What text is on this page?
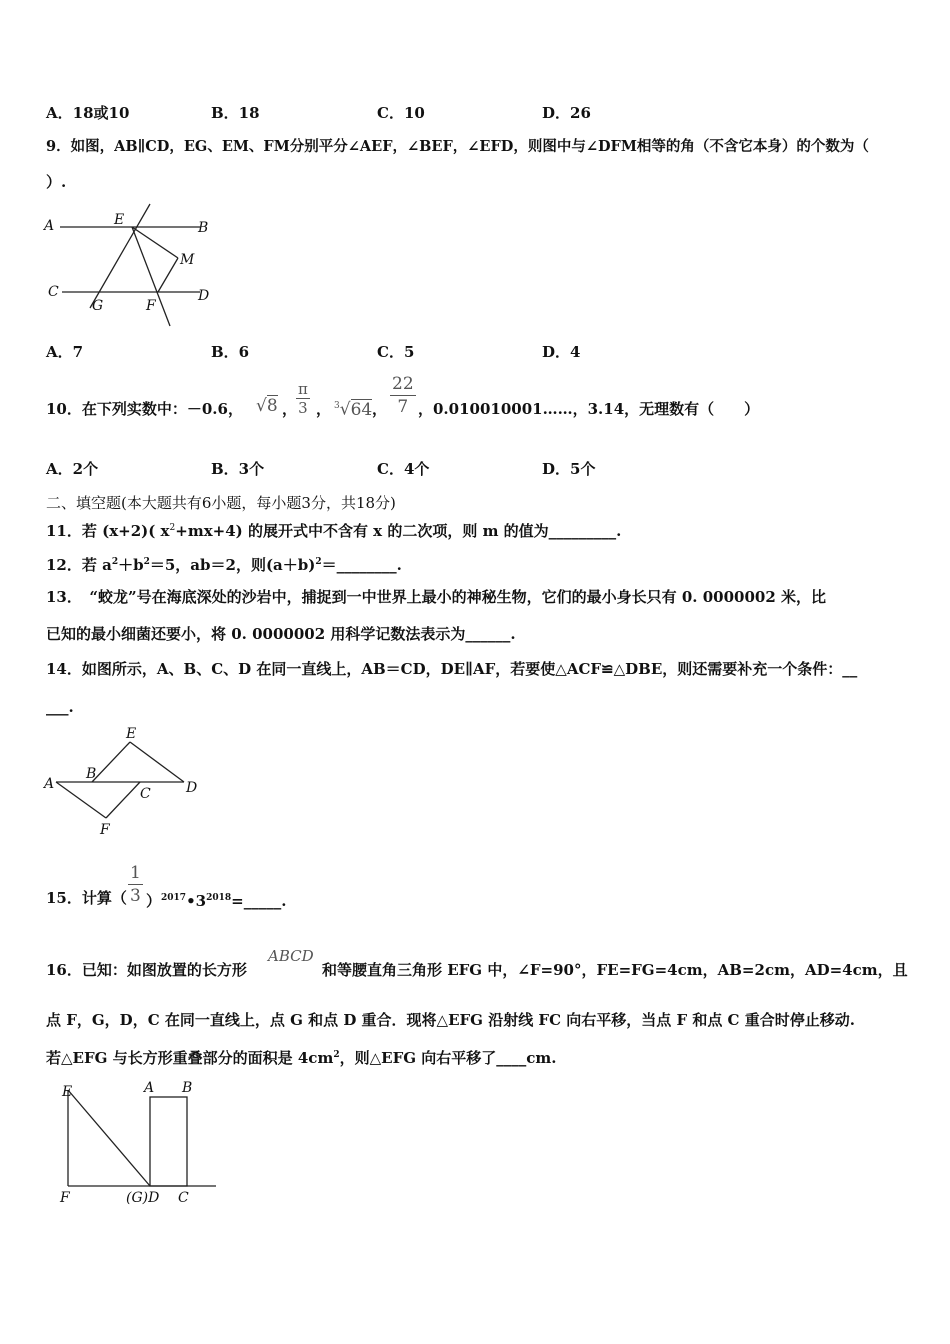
A．18或10	B．18	C．10	D．26
9．如图，AB∥CD，EG、EM、FM分别平分∠AEF，∠BEF，∠EFD，则图中与∠DFM相等的角（不含它本身）的个数为（
）.
A	E	B
M
C
G	F
D
A．7	B．6	C．5	D．4
10．在下列实数中：－0.6， √8 ，
$\frac{\pi}{3}$ ， $^3$√64 ， $\frac{22}{7}$ ，0.010010001……，3.14，无理数有（　　）
A．2个	B．3个	C．4个	D．5个
二、填空题(本大题共有6小题，每小题3分，共18分)
11．若 (x+2)( $x^2+mx+4$) 的展开式中不含有 x 的二次项，则 m 的值为_________.
12．若 $a^2+b^2=5$，ab＝2，则$(a+b)^2=\_\_\_\_\_\_\_\_$.
13．　“蛟龙”号在海底深处的沙岩中，捕捉到一中世界上最小的神秘生物，它们的最小身长只有 0. 0000002 米，比
已知的最小细菌还要小，将 0. 0000002 用科学记数法表示为______.
14．如图所示，A、B、C、D 在同一直线上，AB＝CD，DE∥AF，若要使△ACF≌△DBE，则还需要补充一个条件：__
___.
E
A
B
C	D
F
15．计算（ $\frac{1}{3}$ ）$^{2017}•3^{2018}=\_\_\_\_\_$.
16．已知：如图放置的长方形
ABCD
和等腰直角三角形 EFG 中，∠F=90°，FE=FG=4cm，AB=2cm，AD=4cm，且
点 F，G，D，C 在同一直线上，点 G 和点 D 重合．现将△EFG 沿射线 FC 向右平移，当点 F 和点 C 重合时停止移动.
若△EFG 与长方形重叠部分的面积是 $4cm^2$，则△EFG 向右平移了____cm.
E	A B
F	(G)D C
